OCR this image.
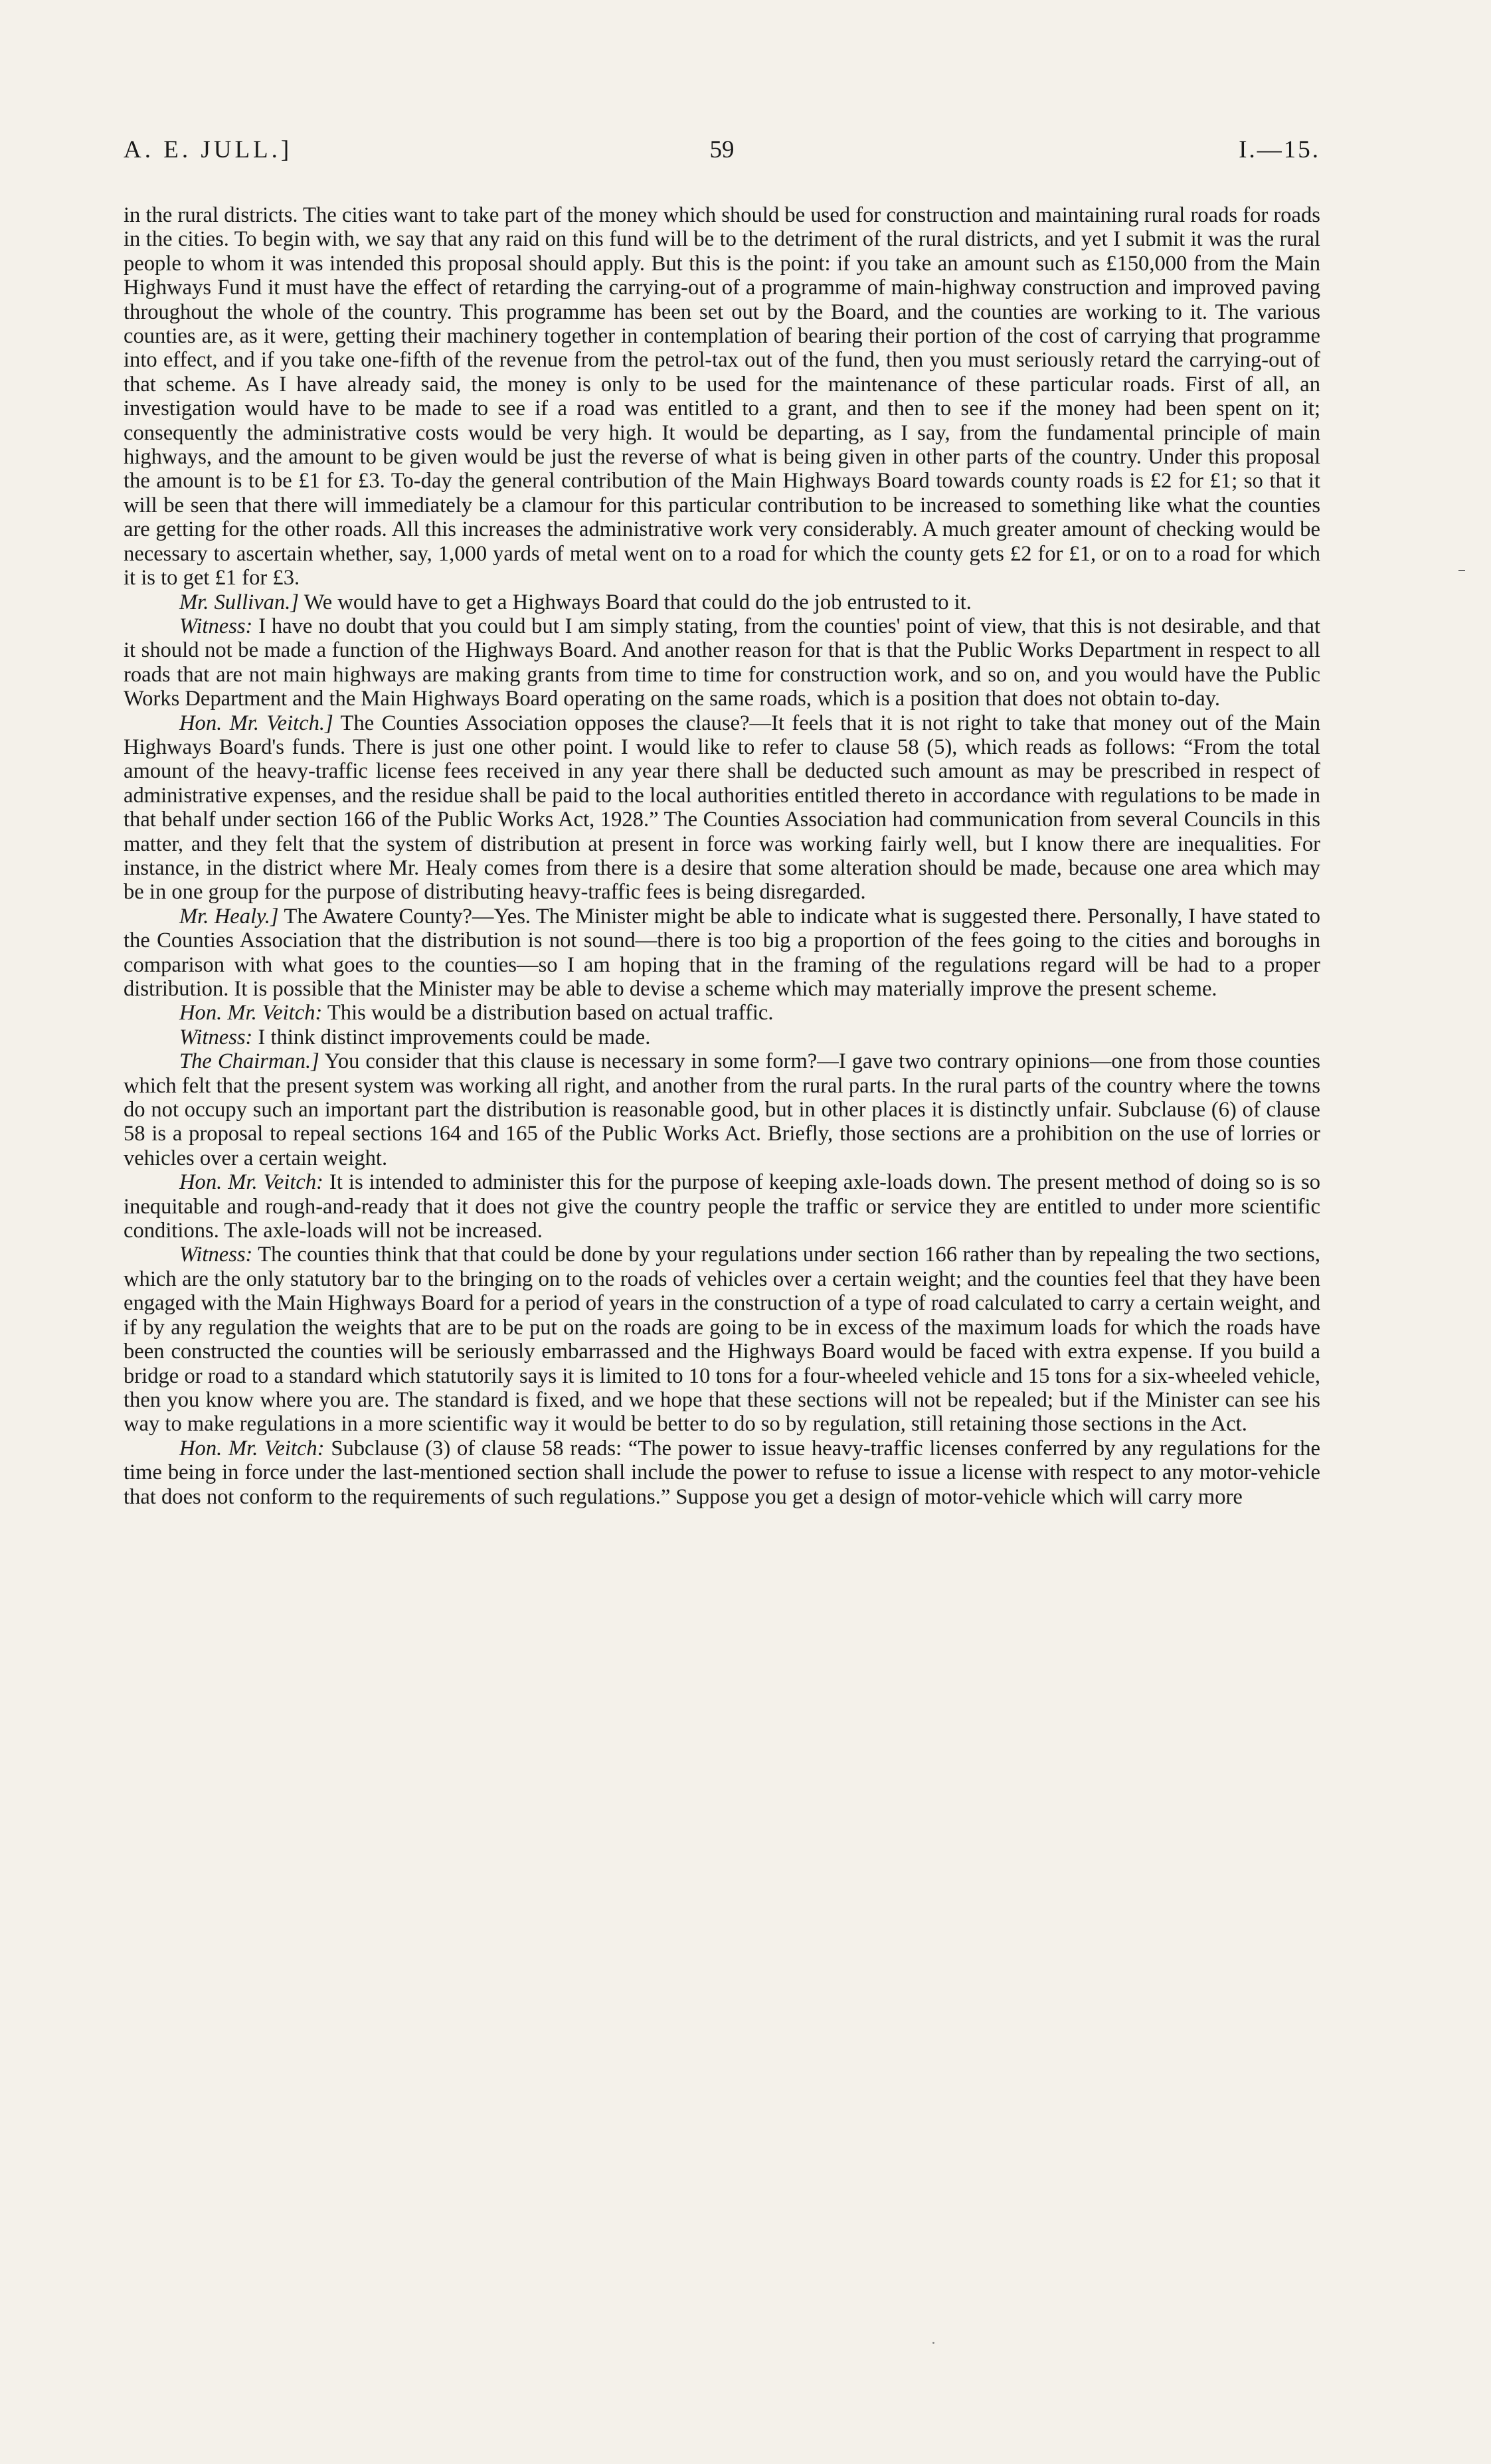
A. E. JULL.]	59	I.—15.

in the rural districts. The cities want to take part of the money which should be used for construction and maintaining rural roads for roads in the cities. To begin with, we say that any raid on this fund will be to the detriment of the rural districts, and yet I submit it was the rural people to whom it was intended this proposal should apply. But this is the point: if you take an amount such as £150,000 from the Main Highways Fund it must have the effect of retarding the carrying-out of a programme of main-highway construction and improved paving throughout the whole of the country. This programme has been set out by the Board, and the counties are working to it. The various counties are, as it were, getting their machinery together in contemplation of bearing their portion of the cost of carrying that programme into effect, and if you take one-fifth of the revenue from the petrol-tax out of the fund, then you must seriously retard the carrying-out of that scheme. As I have already said, the money is only to be used for the maintenance of these particular roads. First of all, an investigation would have to be made to see if a road was entitled to a grant, and then to see if the money had been spent on it; consequently the administrative costs would be very high. It would be departing, as I say, from the fundamental principle of main highways, and the amount to be given would be just the reverse of what is being given in other parts of the country. Under this proposal the amount is to be £1 for £3. To-day the general contribution of the Main Highways Board towards county roads is £2 for £1; so that it will be seen that there will immediately be a clamour for this particular contribution to be increased to something like what the counties are getting for the other roads. All this increases the administrative work very considerably. A much greater amount of checking would be necessary to ascertain whether, say, 1,000 yards of metal went on to a road for which the county gets £2 for £1, or on to a road for which it is to get £1 for £3.

Mr. Sullivan.] We would have to get a Highways Board that could do the job entrusted to it.

Witness: I have no doubt that you could but I am simply stating, from the counties' point of view, that this is not desirable, and that it should not be made a function of the Highways Board. And another reason for that is that the Public Works Department in respect to all roads that are not main highways are making grants from time to time for construction work, and so on, and you would have the Public Works Department and the Main Highways Board operating on the same roads, which is a position that does not obtain to-day.

Hon. Mr. Veitch.] The Counties Association opposes the clause?—It feels that it is not right to take that money out of the Main Highways Board's funds. There is just one other point. I would like to refer to clause 58 (5), which reads as follows: “From the total amount of the heavy-traffic license fees received in any year there shall be deducted such amount as may be prescribed in respect of administrative expenses, and the residue shall be paid to the local authorities entitled thereto in accordance with regulations to be made in that behalf under section 166 of the Public Works Act, 1928.” The Counties Association had communication from several Councils in this matter, and they felt that the system of distribution at present in force was working fairly well, but I know there are inequalities. For instance, in the district where Mr. Healy comes from there is a desire that some alteration should be made, because one area which may be in one group for the purpose of distributing heavy-traffic fees is being disregarded.

Mr. Healy.] The Awatere County?—Yes. The Minister might be able to indicate what is suggested there. Personally, I have stated to the Counties Association that the distribution is not sound—there is too big a proportion of the fees going to the cities and boroughs in comparison with what goes to the counties—so I am hoping that in the framing of the regulations regard will be had to a proper distribution. It is possible that the Minister may be able to devise a scheme which may materially improve the present scheme.

Hon. Mr. Veitch: This would be a distribution based on actual traffic.

Witness: I think distinct improvements could be made.

The Chairman.] You consider that this clause is necessary in some form?—I gave two contrary opinions—one from those counties which felt that the present system was working all right, and another from the rural parts. In the rural parts of the country where the towns do not occupy such an important part the distribution is reasonable good, but in other places it is distinctly unfair. Subclause (6) of clause 58 is a proposal to repeal sections 164 and 165 of the Public Works Act. Briefly, those sections are a prohibition on the use of lorries or vehicles over a certain weight.

Hon. Mr. Veitch: It is intended to administer this for the purpose of keeping axle-loads down. The present method of doing so is so inequitable and rough-and-ready that it does not give the country people the traffic or service they are entitled to under more scientific conditions. The axle-loads will not be increased.

Witness: The counties think that that could be done by your regulations under section 166 rather than by repealing the two sections, which are the only statutory bar to the bringing on to the roads of vehicles over a certain weight; and the counties feel that they have been engaged with the Main Highways Board for a period of years in the construction of a type of road calculated to carry a certain weight, and if by any regulation the weights that are to be put on the roads are going to be in excess of the maximum loads for which the roads have been constructed the counties will be seriously embarrassed and the Highways Board would be faced with extra expense. If you build a bridge or road to a standard which statutorily says it is limited to 10 tons for a four-wheeled vehicle and 15 tons for a six-wheeled vehicle, then you know where you are. The standard is fixed, and we hope that these sections will not be repealed; but if the Minister can see his way to make regulations in a more scientific way it would be better to do so by regulation, still retaining those sections in the Act.

Hon. Mr. Veitch: Subclause (3) of clause 58 reads: “The power to issue heavy-traffic licenses conferred by any regulations for the time being in force under the last-mentioned section shall include the power to refuse to issue a license with respect to any motor-vehicle that does not conform to the requirements of such regulations.” Suppose you get a design of motor-vehicle which will carry more
